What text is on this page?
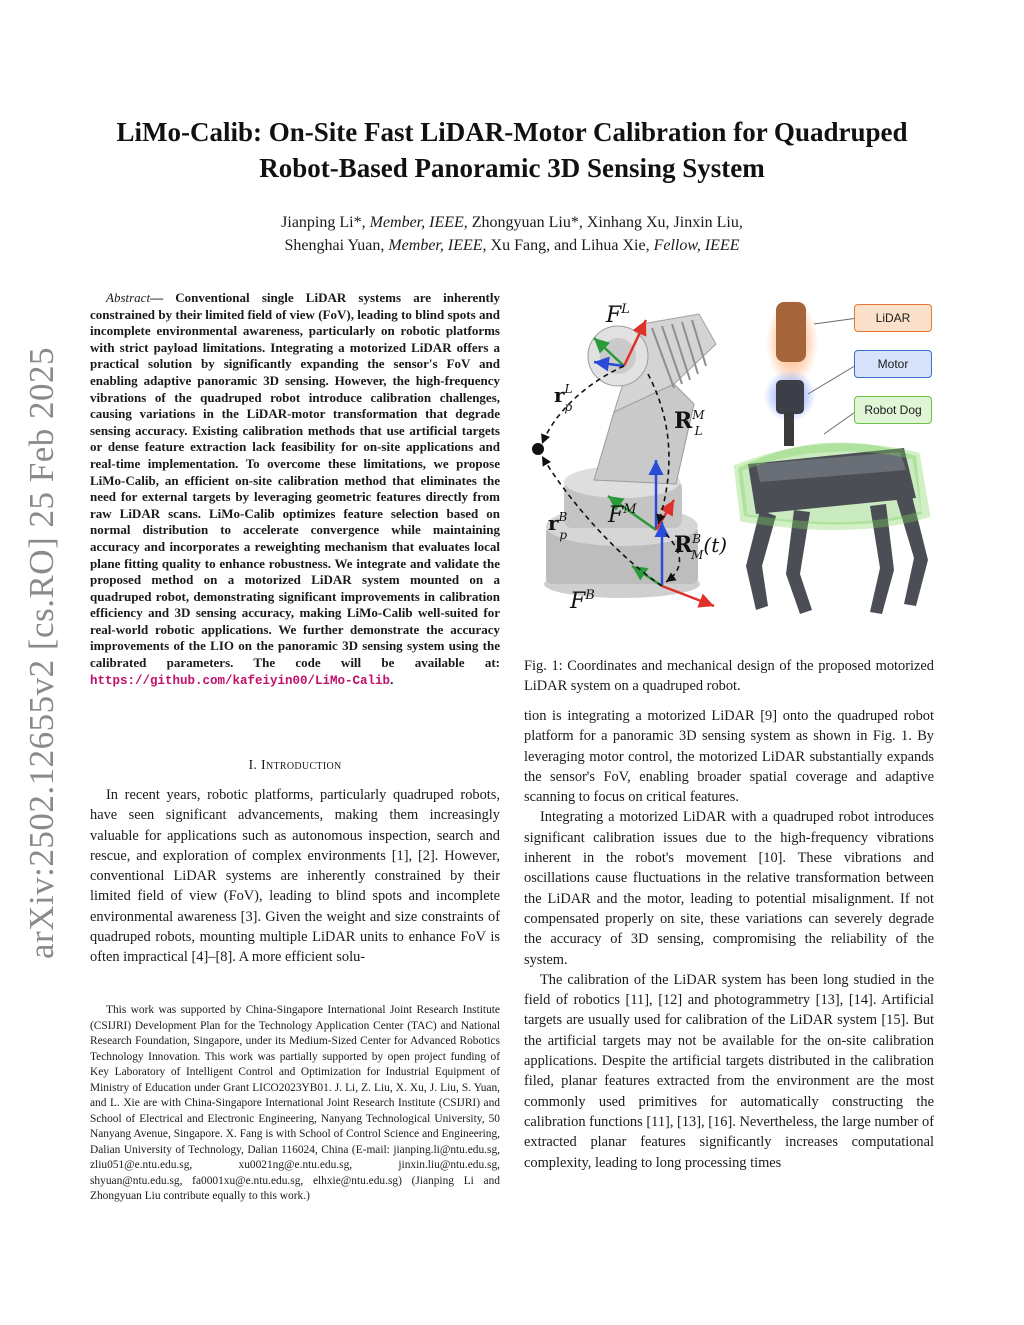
arXiv:2502.12655v2 [cs.RO] 25 Feb 2025
LiMo-Calib: On-Site Fast LiDAR-Motor Calibration for Quadruped Robot-Based Panoramic 3D Sensing System
Jianping Li*, Member, IEEE, Zhongyuan Liu*, Xinhang Xu, Jinxin Liu,
Shenghai Yuan, Member, IEEE, Xu Fang, and Lihua Xie, Fellow, IEEE

Abstract— Conventional single LiDAR systems are inherently constrained by their limited field of view (FoV), leading to blind spots and incomplete environmental awareness, particularly on robotic platforms with strict payload limitations. Integrating a motorized LiDAR offers a practical solution by significantly expanding the sensor's FoV and enabling adaptive panoramic 3D sensing. However, the high-frequency vibrations of the quadruped robot introduce calibration challenges, causing variations in the LiDAR-motor transformation that degrade sensing accuracy. Existing calibration methods that use artificial targets or dense feature extraction lack feasibility for on-site applications and real-time implementation. To overcome these limitations, we propose LiMo-Calib, an efficient on-site calibration method that eliminates the need for external targets by leveraging geometric features directly from raw LiDAR scans. LiMo-Calib optimizes feature selection based on normal distribution to accelerate convergence while maintaining accuracy and incorporates a reweighting mechanism that evaluates local plane fitting quality to enhance robustness. We integrate and validate the proposed method on a motorized LiDAR system mounted on a quadruped robot, demonstrating significant improvements in calibration efficiency and 3D sensing accuracy, making LiMo-Calib well-suited for real-world robotic applications. We further demonstrate the accuracy improvements of the LIO on the panoramic 3D sensing system using the calibrated parameters. The code will be available at: https://github.com/kafeiyin00/LiMo-Calib.

I. Introduction

In recent years, robotic platforms, particularly quadruped robots, have seen significant advancements, making them increasingly valuable for applications such as autonomous inspection, search and rescue, and exploration of complex environments [1], [2]. However, conventional LiDAR systems are inherently constrained by their limited field of view (FoV), leading to blind spots and incomplete environmental awareness [3]. Given the weight and size constraints of quadruped robots, mounting multiple LiDAR units to enhance FoV is often impractical [4]–[8]. A more efficient solu-

This work was supported by China-Singapore International Joint Research Institute (CSIJRI) Development Plan for the Technology Application Center (TAC) and National Research Foundation, Singapore, under its Medium-Sized Center for Advanced Robotics Technology Innovation. This work was partially supported by open project funding of Key Laboratory of Intelligent Control and Optimization for Industrial Equipment of Ministry of Education under Grant LICO2023YB01. J. Li, Z. Liu, X. Xu, J. Liu, S. Yuan, and L. Xie are with China-Singapore International Joint Research Institute (CSIJRI) and School of Electrical and Electronic Engineering, Nanyang Technological University, 50 Nanyang Avenue, Singapore. X. Fang is with School of Control Science and Engineering, Dalian University of Technology, Dalian 116024, China (E-mail: jianping.li@ntu.edu.sg, zliu051@e.ntu.edu.sg, xu0021ng@e.ntu.edu.sg, jinxin.liu@ntu.edu.sg, shyuan@ntu.edu.sg, fa0001xu@e.ntu.edu.sg, elhxie@ntu.edu.sg) (Jianping Li and Zhongyuan Liu contribute equally to this work.)

$F^L$
$r^L$ p
$R^M$ L
$F^M$
$r^B$ p	$R^B$ M(t)
$F^B$
LiDAR
Motor
Robot Dog
Fig. 1: Coordinates and mechanical design of the proposed motorized LiDAR system on a quadruped robot.

tion is integrating a motorized LiDAR [9] onto the quadruped robot platform for a panoramic 3D sensing system as shown in Fig. 1. By leveraging motor control, the motorized LiDAR substantially expands the sensor's FoV, enabling broader spatial coverage and adaptive scanning to focus on critical features.

Integrating a motorized LiDAR with a quadruped robot introduces significant calibration issues due to the high-frequency vibrations inherent in the robot's movement [10]. These vibrations and oscillations cause fluctuations in the relative transformation between the LiDAR and the motor, leading to potential misalignment. If not compensated properly on site, these variations can severely degrade the accuracy of 3D sensing, compromising the reliability of the system.

The calibration of the LiDAR system has been long studied in the field of robotics [11], [12] and photogrammetry [13], [14]. Artificial targets are usually used for calibration of the LiDAR system [15]. But the artificial targets may not be available for the on-site calibration applications. Despite the artificial targets distributed in the calibration filed, planar features extracted from the environment are the most commonly used primitives for automatically constructing the calibration functions [11], [13], [16]. Nevertheless, the large number of extracted planar features significantly increases computational complexity, leading to long processing times
